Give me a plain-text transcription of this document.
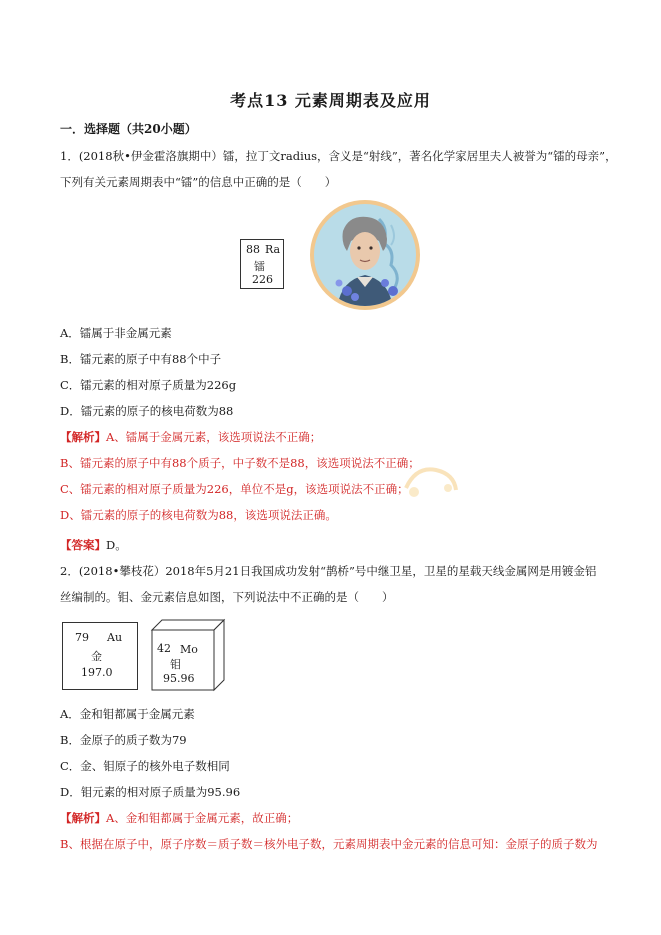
考点13 元素周期表及应用
一．选择题（共20小题）
1．(2018秋•伊金霍洛旗期中）镭，拉丁文radius，含义是“射线”，著名化学家居里夫人被誉为“镭的母亲”，
下列有关元素周期表中“镭”的信息中正确的是（　　）
88 Ra
镭
226
A．镭属于非金属元素
B．镭元素的原子中有88个中子
C．镭元素的相对原子质量为226g
D．镭元素的原子的核电荷数为88
【解析】A、镭属于金属元素，该选项说法不正确；
B、镭元素的原子中有88个质子，中子数不是88，该选项说法不正确；
C、镭元素的相对原子质量为226，单位不是g，该选项说法不正确；
D、镭元素的原子的核电荷数为88，该选项说法正确。
【答案】D。
2．(2018•攀枝花）2018年5月21日我国成功发射“鹊桥”号中继卫星，卫星的星载天线金属网是用镀金铝
丝编制的。钼、金元素信息如图，下列说法中不正确的是（　　）
79 Au
金
197.0
42 Mo
钼
95.96
A．金和钼都属于金属元素
B．金原子的质子数为79
C．金、钼原子的核外电子数相同
D．钼元素的相对原子质量为95.96
【解析】A、金和钼都属于金属元素，故正确；
B、根据在原子中，原子序数＝质子数＝核外电子数，元素周期表中金元素的信息可知：金原子的质子数为
